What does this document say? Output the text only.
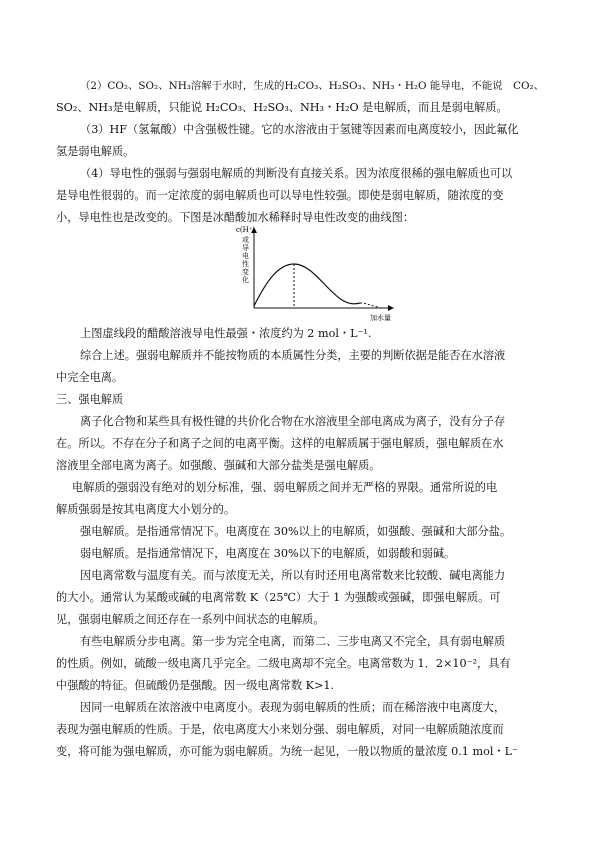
（2）CO₂、SO₂、NH₃溶解于水时，生成的H₂CO₃、H₂SO₃、NH₃・H₂O 能导电，不能说　CO₂、
SO₂、NH₃是电解质，只能说 H₂CO₃、H₂SO₃、NH₃・H₂O 是电解质，而且是弱电解质。
（3）HF（氢氟酸）中含强极性键。它的水溶液由于氢键等因素而电离度较小，因此氟化
氢是弱电解质。
（4）导电性的强弱与强弱电解质的判断没有直接关系。因为浓度很稀的强电解质也可以
是导电性很弱的。而一定浓度的弱电解质也可以导电性较强。即使是弱电解质，随浓度的变
小，导电性也是改变的。下图是冰醋酸加水稀释时导电性改变的曲线图：
c(H⁺)
或
导
电
性
变
化
加水量
上图虚线段的醋酸溶液导电性最强・浓度约为 2 mol・L⁻¹.
综合上述。强弱电解质并不能按物质的本质属性分类，主要的判断依据是能否在水溶液
中完全电离。
三、强电解质
离子化合物和某些具有极性键的共价化合物在水溶液里全部电离成为离子，没有分子存
在。所以。不存在分子和离子之间的电离平衡。这样的电解质属于强电解质，强电解质在水
溶液里全部电离为离子。如强酸、强碱和大部分盐类是强电解质。
电解质的强弱没有绝对的划分标准，强、弱电解质之间并无严格的界限。通常所说的电
解质强弱是按其电离度大小划分的。
强电解质。是指通常情况下。电离度在 30%以上的电解质，如强酸、强碱和大部分盐。
弱电解质。是指通常情况下，电离度在 30%以下的电解质，如弱酸和弱碱。
因电离常数与温度有关。而与浓度无关，所以有时还用电离常数来比较酸、碱电离能力
的大小。通常认为某酸或碱的电离常数 K（25℃）大于 1 为强酸或强碱，即强电解质。可
见，强弱电解质之间还存在一系列中间状态的电解质。
有些电解质分步电离。第一步为完全电离，而第二、三步电离又不完全，具有弱电解质
的性质。例如，硫酸一级电离几乎完全。二级电离却不完全。电离常数为 1．2×10⁻²，具有
中强酸的特征。但硫酸仍是强酸。因一级电离常数 K>1.
因同一电解质在浓溶液中电离度小。表现为弱电解质的性质；而在稀溶液中电离度大，
表现为强电解质的性质。于是，依电离度大小来划分强、弱电解质，对同一电解质随浓度而
变，将可能为强电解质，亦可能为弱电解质。为统一起见，一般以物质的量浓度 0.1 mol・L⁻
